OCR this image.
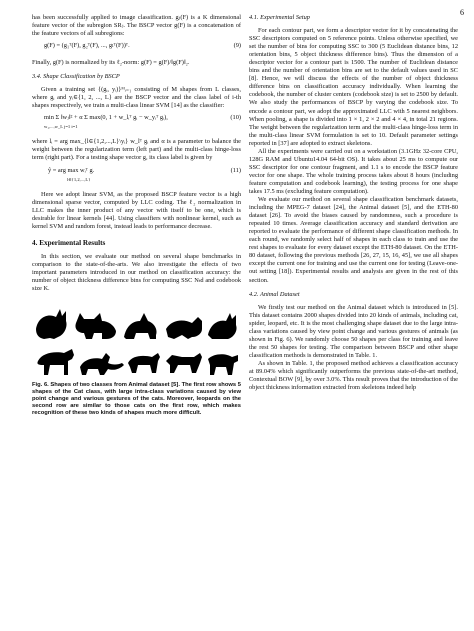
6

has been successfully applied to image classification. gⱼ(F) is a K dimensional feature vector of the subregion SRⱼ. The BSCP vector g(F) is a concatenation of the feature vectors of all subregions:

g(F) = (g₁ᵀ(F), g₂ᵀ(F), ..., gₗᵀ(F))ᵀ.	(9)

Finally, g(F) is normalized by its ℓ₂-norm: g(F) = g(F)/‖g(F)‖₂.

3.4. Shape Classification by BSCP

Given a training set {(gᵢ, yᵢ)}ᴹᵢ₌₁ consisting of M shapes from L classes, where gᵢ and yᵢ∈{1, 2, ..., L} are the BSCP vector and the class label of i-th shapes respectively, we train a multi-class linear SVM [14] as the classifier:

min Σ ‖wⱼ‖² + α Σ max(0, 1 + w_lᵢᵀ gᵢ − w_yᵢᵀ gᵢ),
w₁,...,w_L j=1 i=1
(10)

where lᵢ = arg max_{l∈{1,2,...,L}\yᵢ} w_lᵀ gᵢ and α is a parameter to balance the weight between the regularization term (left part) and the multi-class hinge-loss term (right part). For a testing shape vector g, its class label is given by

ŷ = arg max wᵢᵀ g.
l∈{1,2,...,L}
(11)

Here we adopt linear SVM, as the proposed BSCP feature vector is a high dimensional sparse vector, computed by LLC coding. The ℓ₂ normalization in LLC makes the inner product of any vector with itself to be one, which is desirable for linear kernels [44]. Using classifiers with nonlinear kernel, such as kernel SVM and random forest, instead leads to performance decrease.

4. Experimental Results

In this section, we evaluate our method on several shape benchmarks in comparison to the state-of-the-arts. We also investigate the effects of two important parameters introduced in our method on classification accuracy: the number of object thickness difference bins for computing SSC Nₜd and codebook size K.

Fig. 6. Shapes of two classes from Animal dataset [5]. The first row shows 5 shapes of the Cat class, with large intra-class variations caused by view point change and various gestures of the cats. Moreover, leopards on the second row are similar to those cats on the first row, which makes recognition of these two kinds of shapes much more difficult.
4.1. Experimental Setup

For each contour part, we form a descriptor vector for it by concatenating the SSC descriptors computed on 5 reference points. Unless otherwise specified, we set the number of bins for computing SSC to 300 (5 Euclidean distance bins, 12 orientation bins, 5 object thickness difference bins). Thus the dimension of a descriptor vector for a contour part is 1500. The number of Euclidean distance bins and the number of orientation bins are set to the default values used in SC [8]. Hence, we will discuss the effects of the number of object thickness difference bins on classification accuracy individually. When learning the codebook, the number of cluster centers (codebook size) is set to 2500 by default. We also study the performances of BSCP by varying the codebook size. To encode a contour part, we adopt the approximated LLC with 5 nearest neighbors. When pooling, a shape is divided into 1 × 1, 2 × 2 and 4 × 4, in total 21 regions. The weight between the regularization term and the multi-class hinge-loss term in the multi-class linear SVM formulation is set to 10. Default parameter settings reported in [37] are adopted to extract skeletons.

All the experiments were carried out on a workstation (3.1GHz 32-core CPU, 128G RAM and Ubuntu14.04 64-bit OS). It takes about 25 ms to compute our SSC descriptor for one contour fragment, and 1.1 s to encode the BSCP feature vector for one shape. The whole training process takes about 8 hours (including feature computation and codebook learning), the testing process for one shape takes 17.5 ms (excluding feature computation).

We evaluate our method on several shape classification benchmark datasets, including the MPEG-7 dataset [24], the Animal dataset [5], and the ETH-80 dataset [26]. To avoid the biases caused by randomness, such a procedure is repeated 10 times. Average classification accuracy and standard derivation are reported to evaluate the performance of different shape classification methods. In each round, we randomly select half of shapes in each class to train and use the rest shapes to evaluate for every dataset except the ETH-80 dataset. On the ETH-80 dataset, following the previous methods [26, 27, 15, 16, 45], we use all shapes except the current one for training and use the current one for testing (Leave-one-out setting [18]). Experimental results and analysis are given in the rest of this section.

4.2. Animal Dataset

We firstly test our method on the Animal dataset which is introduced in [5]. This dataset contains 2000 shapes divided into 20 kinds of animals, including cat, spider, leopard, etc. It is the most challenging shape dataset due to the large intra-class variations caused by view point change and various gestures of animals (as shown in Fig. 6). We randomly choose 50 shapes per class for training and leave the rest 50 shapes for testing. The comparison between BSCP and other shape classification methods is demonstrated in Table. 1.

As shown in Table. 1, the proposed method achieves a classification accuracy at 89.04% which significantly outperforms the previous state-of-the-art method, Contextual BOW [9], by over 3.0%. This result proves that the introduction of the object thickness information extracted from skeletons indeed help
